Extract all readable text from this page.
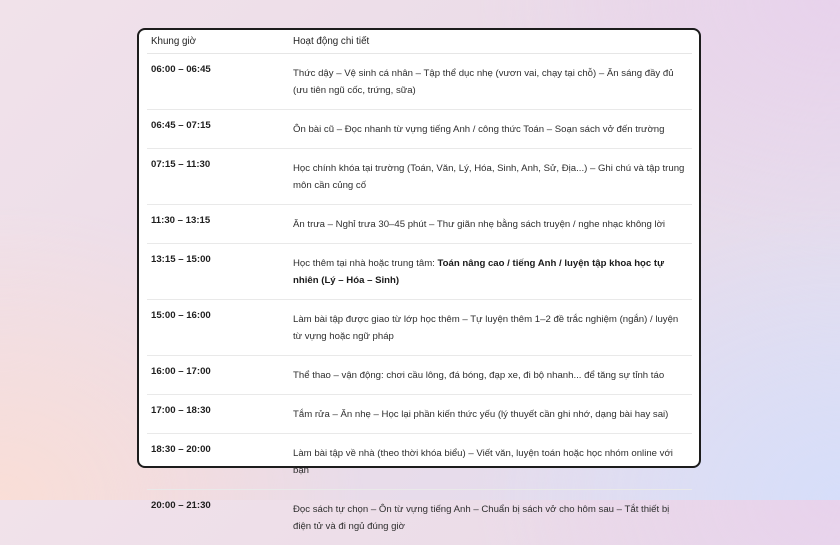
Khung giờ	Hoạt động chi tiết
06:00 – 06:45	Thức dậy – Vệ sinh cá nhân – Tập thể dục nhẹ (vươn vai, chạy tại chỗ) – Ăn sáng đầy đủ (ưu tiên ngũ cốc, trứng, sữa)
06:45 – 07:15	Ôn bài cũ – Đọc nhanh từ vựng tiếng Anh / công thức Toán – Soạn sách vở đến trường
07:15 – 11:30	Học chính khóa tại trường (Toán, Văn, Lý, Hóa, Sinh, Anh, Sử, Địa...) – Ghi chú và tập trung môn cần củng cố
11:30 – 13:15	Ăn trưa – Nghỉ trưa 30–45 phút – Thư giãn nhẹ bằng sách truyện / nghe nhạc không lời
13:15 – 15:00	Học thêm tại nhà hoặc trung tâm: Toán nâng cao / tiếng Anh / luyện tập khoa học tự nhiên (Lý – Hóa – Sinh)
15:00 – 16:00	Làm bài tập được giao từ lớp học thêm – Tự luyện thêm 1–2 đề trắc nghiệm (ngắn) / luyện từ vựng hoặc ngữ pháp
16:00 – 17:00	Thể thao – vận động: chơi cầu lông, đá bóng, đạp xe, đi bộ nhanh... để tăng sự tỉnh táo
17:00 – 18:30	Tắm rửa – Ăn nhẹ – Học lại phần kiến thức yếu (lý thuyết cần ghi nhớ, dạng bài hay sai)
18:30 – 20:00	Làm bài tập về nhà (theo thời khóa biểu) – Viết văn, luyện toán hoặc học nhóm online với bạn
20:00 – 21:30	Đọc sách tự chọn – Ôn từ vựng tiếng Anh – Chuẩn bị sách vở cho hôm sau – Tắt thiết bị điện tử và đi ngủ đúng giờ
